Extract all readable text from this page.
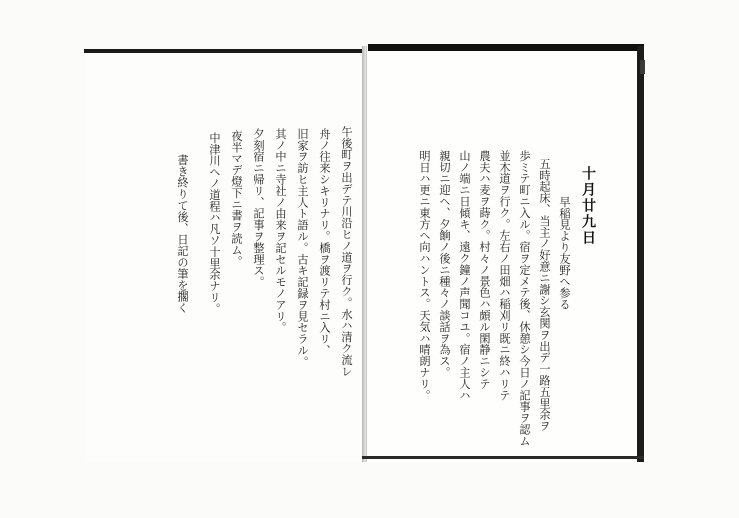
十月廿九日
早稲見より友野へ参る
五時起床、当主ノ好意ニ謝シ玄関ヲ出デ一路五里余ヲ
歩ミテ町ニ入ル。宿ヲ定メテ後、休憩シ今日ノ記事ヲ認ム
並木道ヲ行ク。左右ノ田畑ハ稲刈リ既ニ終ハリテ
農夫ハ麦ヲ蒔ク。村々ノ景色ハ頗ル閑静ニシテ
山ノ端ニ日傾キ、遠ク鐘ノ声聞コユ。宿ノ主人ハ
親切ニ迎ヘ、夕餉ノ後ニ種々ノ談話ヲ為ス。
明日ハ更ニ東方ヘ向ハントス。天気ハ晴朗ナリ。
午後町ヲ出デテ川沿ヒノ道ヲ行ク。水ハ清ク流レ
舟ノ往来シキリナリ。橋ヲ渡リテ村ニ入リ、
旧家ヲ訪ヒ主人ト語ル。古キ記録ヲ見セラル。
其ノ中ニ寺社ノ由来ヲ記セルモノアリ。
夕刻宿ニ帰リ、記事ヲ整理ス。
夜半マデ燈下ニ書ヲ読ム。
中津川ヘノ道程ハ凡ソ十里余ナリ。
書き終りて後、日記の筆を擱く
